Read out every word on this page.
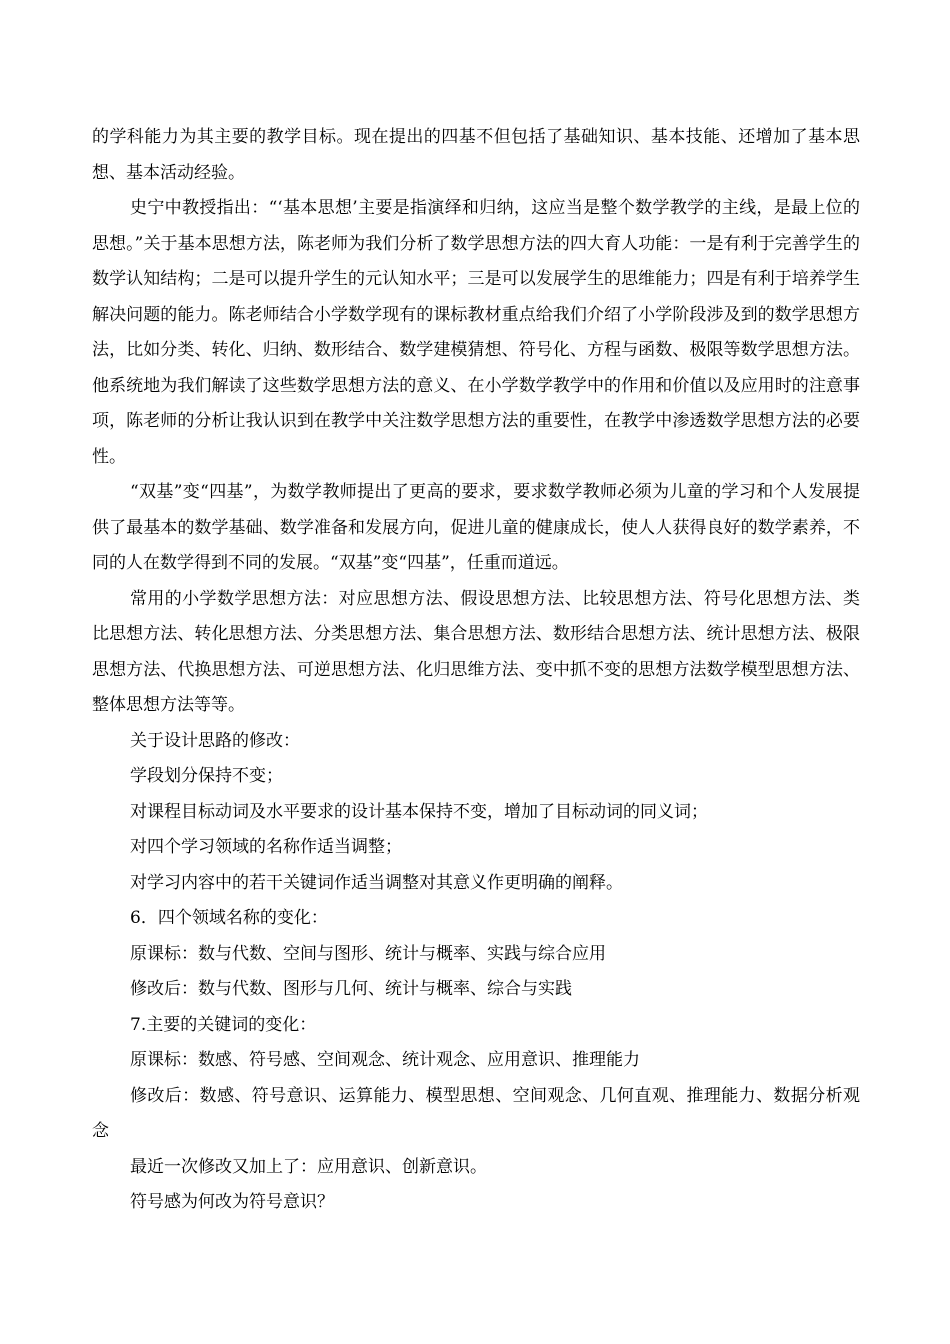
的学科能力为其主要的教学目标。现在提出的四基不但包括了基础知识、基本技能、还增加了基本思想、基本活动经验。

史宁中教授指出：“‘基本思想’主要是指演绎和归纳，这应当是整个数学教学的主线，是最上位的思想。”关于基本思想方法，陈老师为我们分析了数学思想方法的四大育人功能：一是有利于完善学生的数学认知结构；二是可以提升学生的元认知水平；三是可以发展学生的思维能力；四是有利于培养学生解决问题的能力。陈老师结合小学数学现有的课标教材重点给我们介绍了小学阶段涉及到的数学思想方法，比如分类、转化、归纳、数形结合、数学建模猜想、符号化、方程与函数、极限等数学思想方法。他系统地为我们解读了这些数学思想方法的意义、在小学数学教学中的作用和价值以及应用时的注意事项，陈老师的分析让我认识到在教学中关注数学思想方法的重要性，在教学中渗透数学思想方法的必要性。

“双基”变“四基”，为数学教师提出了更高的要求，要求数学教师必须为儿童的学习和个人发展提供了最基本的数学基础、数学准备和发展方向，促进儿童的健康成长，使人人获得良好的数学素养，不同的人在数学得到不同的发展。“双基”变“四基”，任重而道远。

常用的小学数学思想方法：对应思想方法、假设思想方法、比较思想方法、符号化思想方法、类比思想方法、转化思想方法、分类思想方法、集合思想方法、数形结合思想方法、统计思想方法、极限思想方法、代换思想方法、可逆思想方法、化归思维方法、变中抓不变的思想方法数学模型思想方法、整体思想方法等等。

关于设计思路的修改：

学段划分保持不变；

对课程目标动词及水平要求的设计基本保持不变，增加了目标动词的同义词；

对四个学习领域的名称作适当调整；

对学习内容中的若干关键词作适当调整对其意义作更明确的阐释。

6．四个领域名称的变化：

原课标：数与代数、空间与图形、统计与概率、实践与综合应用

修改后：数与代数、图形与几何、统计与概率、综合与实践

7.主要的关键词的变化：

原课标：数感、符号感、空间观念、统计观念、应用意识、推理能力

修改后：数感、符号意识、运算能力、模型思想、空间观念、几何直观、推理能力、数据分析观念

最近一次修改又加上了：应用意识、创新意识。

符号感为何改为符号意识？
